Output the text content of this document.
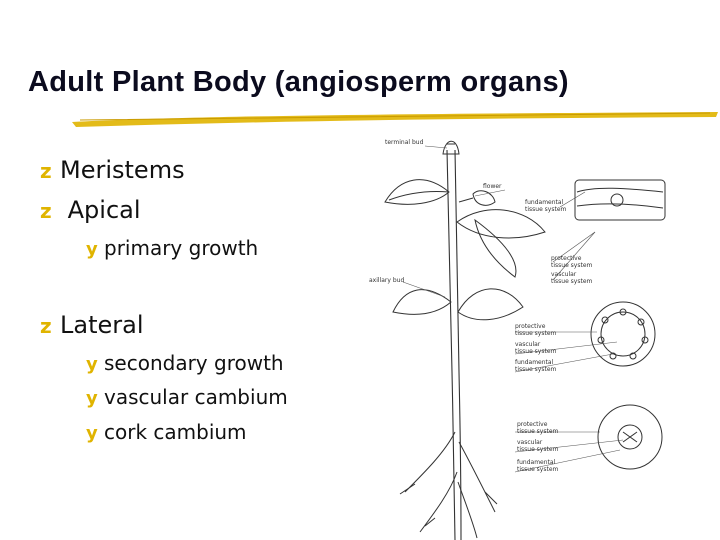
Adult Plant Body (angiosperm organs)
z Meristems
z Apical
y primary growth
z Lateral
y secondary growth
y vascular cambium
y cork cambium
terminal bud
flower
fundamental
tissue system
protective
tissue system
vascular
tissue system
axillary bud
protective
tissue system
vascular
tissue system
fundamental
tissue system
protective
tissue system
vascular
tissue system
fundamental
tissue system
